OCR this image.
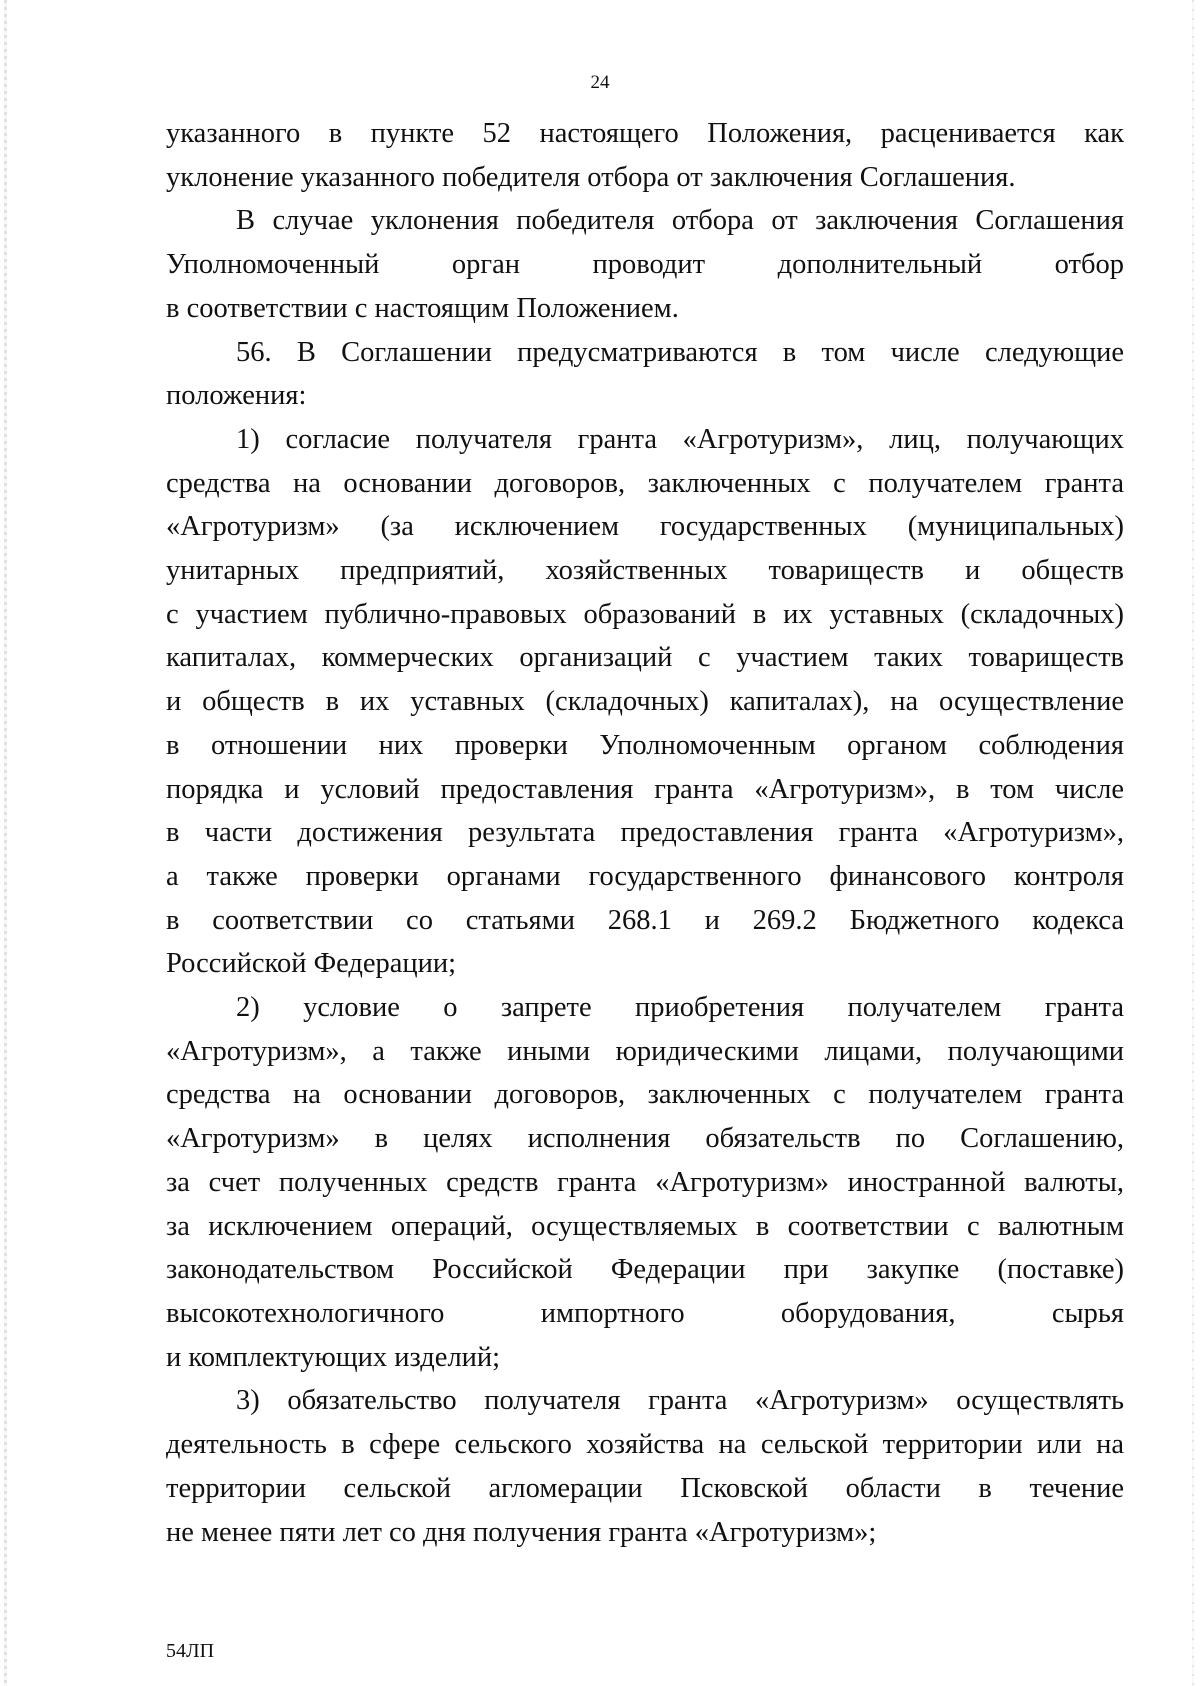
24

указанного в пункте 52 настоящего Положения, расценивается как
уклонение указанного победителя отбора от заключения Соглашения.

В случае уклонения победителя отбора от заключения Соглашения
Уполномоченный орган проводит дополнительный отбор
в соответствии с настоящим Положением.

56. В Соглашении предусматриваются в том числе следующие
положения:

1) согласие получателя гранта «Агротуризм», лиц, получающих
средства на основании договоров, заключенных с получателем гранта
«Агротуризм» (за исключением государственных (муниципальных)
унитарных предприятий, хозяйственных товариществ и обществ
с участием публично-правовых образований в их уставных (складочных)
капиталах, коммерческих организаций с участием таких товариществ
и обществ в их уставных (складочных) капиталах), на осуществление
в отношении них проверки Уполномоченным органом соблюдения
порядка и условий предоставления гранта «Агротуризм», в том числе
в части достижения результата предоставления гранта «Агротуризм»,
а также проверки органами государственного финансового контроля
в соответствии со статьями 268.1 и 269.2 Бюджетного кодекса
Российской Федерации;

2) условие о запрете приобретения получателем гранта
«Агротуризм», а также иными юридическими лицами, получающими
средства на основании договоров, заключенных с получателем гранта
«Агротуризм» в целях исполнения обязательств по Соглашению,
за счет полученных средств гранта «Агротуризм» иностранной валюты,
за исключением операций, осуществляемых в соответствии с валютным
законодательством Российской Федерации при закупке (поставке)
высокотехнологичного импортного оборудования, сырья
и комплектующих изделий;

3) обязательство получателя гранта «Агротуризм» осуществлять
деятельность в сфере сельского хозяйства на сельской территории или на
территории сельской агломерации Псковской области в течение
не менее пяти лет со дня получения гранта «Агротуризм»;

54ЛП
